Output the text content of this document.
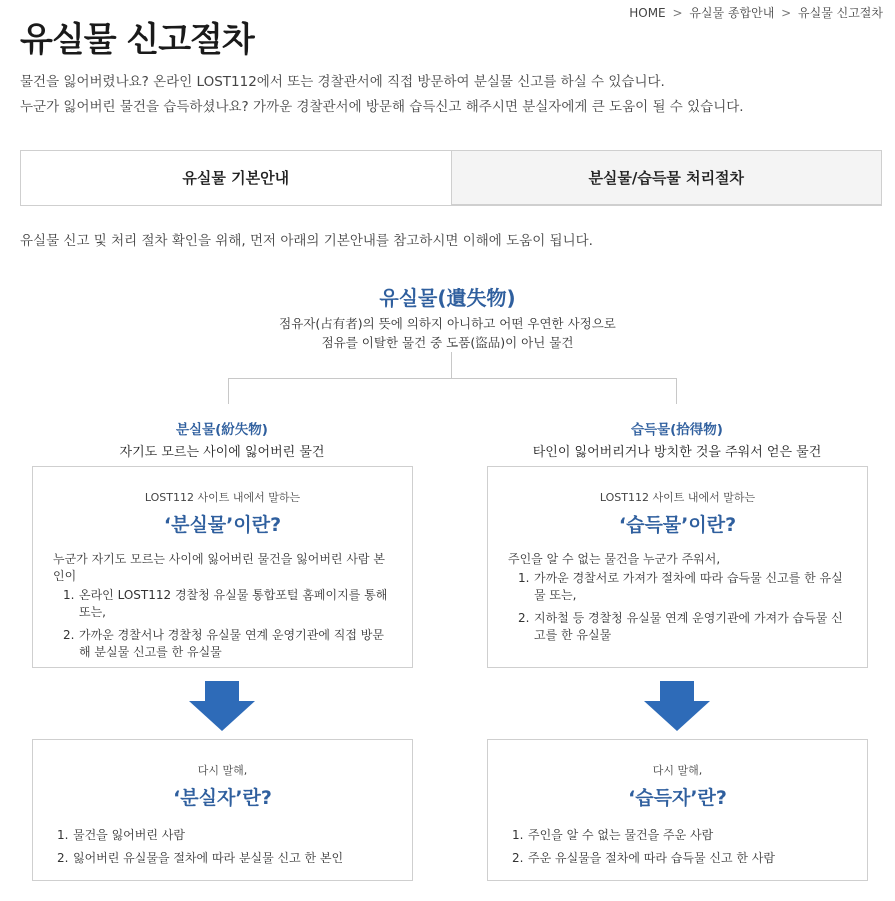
HOME > 유실물 종합안내 > 유실물 신고절차
유실물 신고절차

물건을 잃어버렸나요? 온라인 LOST112에서 또는 경찰관서에 직접 방문하여 분실물 신고를 하실 수 있습니다.

누군가 잃어버린 물건을 습득하셨나요? 가까운 경찰관서에 방문해 습득신고 해주시면 분실자에게 큰 도움이 될 수 있습니다.

유실물 기본안내	분실물/습득물 처리절차
유실물 신고 및 처리 절차 확인을 위해, 먼저 아래의 기본안내를 참고하시면 이해에 도움이 됩니다.
유실물(遺失物)

점유자(占有者)의 뜻에 의하지 아니하고 어떤 우연한 사정으로

점유를 이탈한 물건 중 도품(盜品)이 아닌 물건

분실물(紛失物)
자기도 모르는 사이에 잃어버린 물건
LOST112 사이트 내에서 말하는
‘분실물’이란?
누군가 자기도 모르는 사이에 잃어버린 물건을 잃어버린 사람 본인이
1. 온라인 LOST112 경찰청 유실물 통합포털 홈페이지를 통해 또는,
2. 가까운 경찰서나 경찰청 유실물 연계 운영기관에 직접 방문해 분실물 신고를 한 유실물
다시 말해,
‘분실자’란?
1. 물건을 잃어버린 사람
2. 잃어버린 유실물을 절차에 따라 분실물 신고 한 본인
습득물(拾得物)
타인이 잃어버리거나 방치한 것을 주워서 얻은 물건
LOST112 사이트 내에서 말하는
‘습득물’이란?
주인을 알 수 없는 물건을 누군가 주워서,
1. 가까운 경찰서로 가져가 절차에 따라 습득물 신고를 한 유실물 또는,
2. 지하철 등 경찰청 유실물 연계 운영기관에 가져가 습득물 신고를 한 유실물
다시 말해,
‘습득자’란?
1. 주인을 알 수 없는 물건을 주운 사람
2. 주운 유실물을 절차에 따라 습득물 신고 한 사람
